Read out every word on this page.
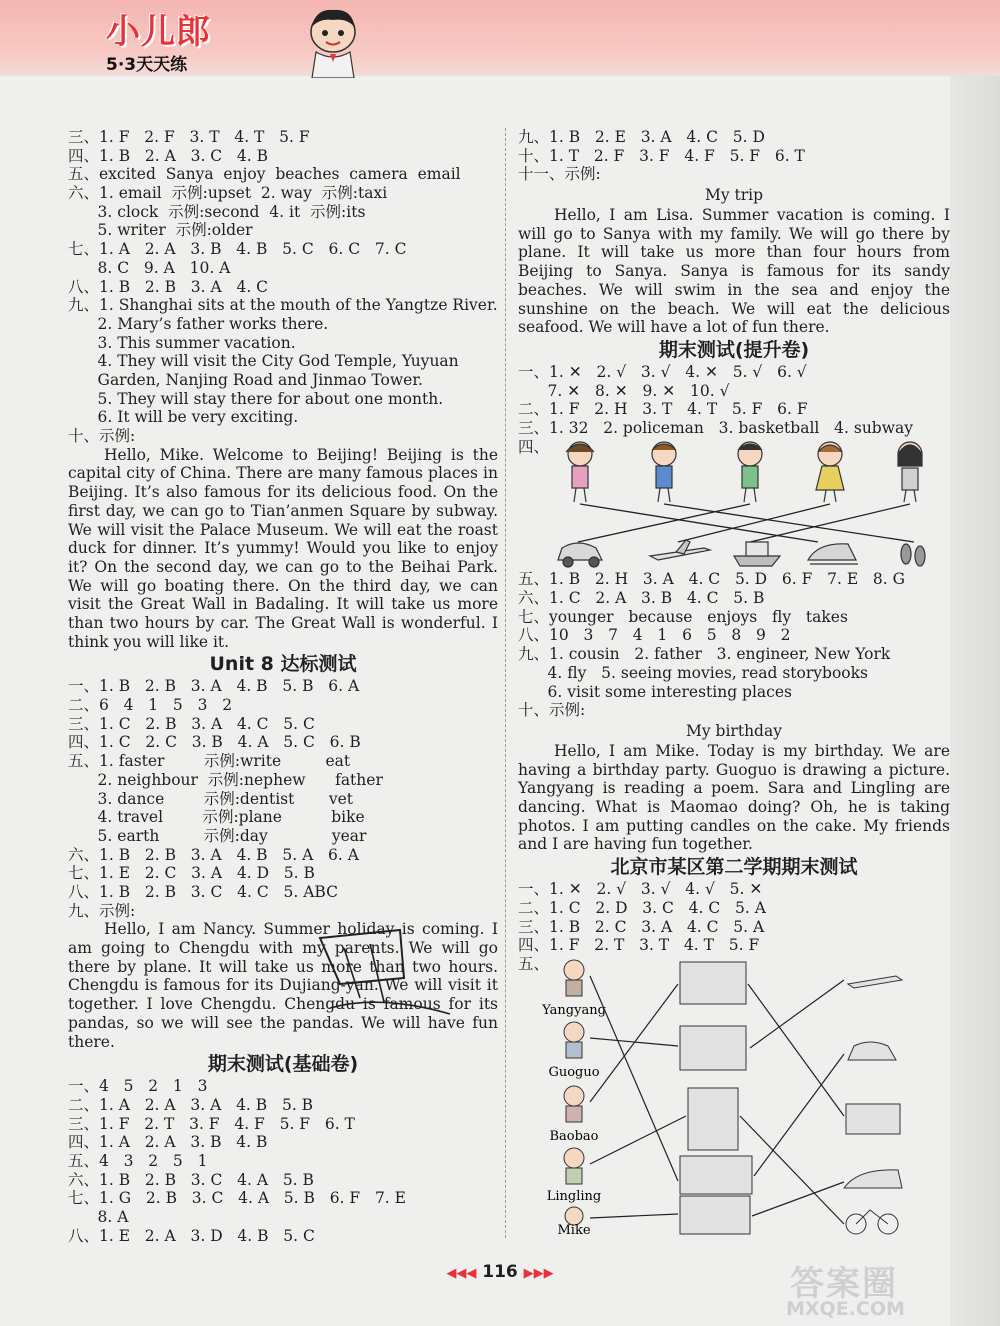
小儿郎
5·3天天练
三、1. F   2. F   3. T   4. T   5. F
四、1. B   2. A   3. C   4. B
五、excited  Sanya  enjoy  beaches  camera  email
六、1. email  示例:upset  2. way  示例:taxi
3. clock  示例:second  4. it  示例:its
5. writer  示例:older
七、1. A   2. A   3. B   4. B   5. C   6. C   7. C
8. C   9. A   10. A
八、1. B   2. B   3. A   4. C
九、1. Shanghai sits at the mouth of the Yangtze River.
2. Mary’s father works there.
3. This summer vacation.
4. They will visit the City God Temple, Yuyuan
Garden, Nanjing Road and Jinmao Tower.
5. They will stay there for about one month.
6. It will be very exciting.
十、示例:

Hello, Mike. Welcome to Beijing! Beijing is the capital city of China. There are many famous places in Beijing. It’s also famous for its delicious food. On the first day, we can go to Tian’anmen Square by subway. We will visit the Palace Museum. We will eat the roast duck for dinner. It’s yummy! Would you like to enjoy it? On the second day, we can go to the Beihai Park. We will go boating there. On the third day, we can visit the Great Wall in Badaling. It will take us more than two hours by car. The Great Wall is wonderful. I think you will like it.

Unit 8 达标测试
一、1. B   2. B   3. A   4. B   5. B   6. A
二、6   4   1   5   3   2
三、1. C   2. B   3. A   4. C   5. C
四、1. C   2. C   3. B   4. A   5. C   6. B
五、1. faster        示例:write         eat
2. neighbour  示例:nephew      father
3. dance        示例:dentist       vet
4. travel        示例:plane          bike
5. earth         示例:day             year
六、1. B   2. B   3. A   4. B   5. A   6. A
七、1. E   2. C   3. A   4. D   5. B
八、1. B   2. B   3. C   4. C   5. ABC
九、示例:

Hello, I am Nancy. Summer holiday is coming. I am going to Chengdu with my parents. We will go there by plane. It will take us more than two hours. Chengdu is famous for its Dujiang-yan. We will visit it together. I love Chengdu. Chengdu is famous for its pandas, so we will see the pandas. We will have fun there.

期末测试(基础卷)
一、4   5   2   1   3
二、1. A   2. A   3. A   4. B   5. B
三、1. F   2. T   3. F   4. F   5. F   6. T
四、1. A   2. A   3. B   4. B
五、4   3   2   5   1
六、1. B   2. B   3. C   4. A   5. B
七、1. G   2. B   3. C   4. A   5. B   6. F   7. E
8. A
八、1. E   2. A   3. D   4. B   5. C
九、1. B   2. E   3. A   4. C   5. D
十、1. T   2. F   3. F   4. F   5. F   6. T
十一、示例:
My trip

Hello, I am Lisa. Summer vacation is coming. I will go to Sanya with my family. We will go there by plane. It will take us more than four hours from Beijing to Sanya. Sanya is famous for its sandy beaches. We will swim in the sea and enjoy the sunshine on the beach. We will eat the delicious seafood. We will have a lot of fun there.

期末测试(提升卷)
一、1. ✕   2. √   3. √   4. ✕   5. √   6. √
7. ✕   8. ✕   9. ✕   10. √
二、1. F   2. H   3. T   4. T   5. F   6. F
三、1. 32   2. policeman   3. basketball   4. subway
四、
五、1. B   2. H   3. A   4. C   5. D   6. F   7. E   8. G
六、1. C   2. A   3. B   4. C   5. B
七、younger   because   enjoys   fly   takes
八、10   3   7   4   1   6   5   8   9   2
九、1. cousin   2. father   3. engineer, New York
4. fly   5. seeing movies, read storybooks
6. visit some interesting places
十、示例:
My birthday

Hello, I am Mike. Today is my birthday. We are having a birthday party. Guoguo is drawing a picture. Yangyang is reading a poem. Sara and Lingling are dancing. What is Maomao doing? Oh, he is taking photos. I am putting candles on the cake. My friends and I are having fun together.

北京市某区第二学期期末测试
一、1. ✕   2. √   3. √   4. √   5. ✕
二、1. C   2. D   3. C   4. C   5. A
三、1. B   2. C   3. A   4. C   5. A
四、1. F   2. T   3. T   4. T   5. F
五、
Yangyang
Guoguo
Baobao
Lingling
Mike
◀◀◀ 116 ▶▶▶	答案圈
MXQE.COM
